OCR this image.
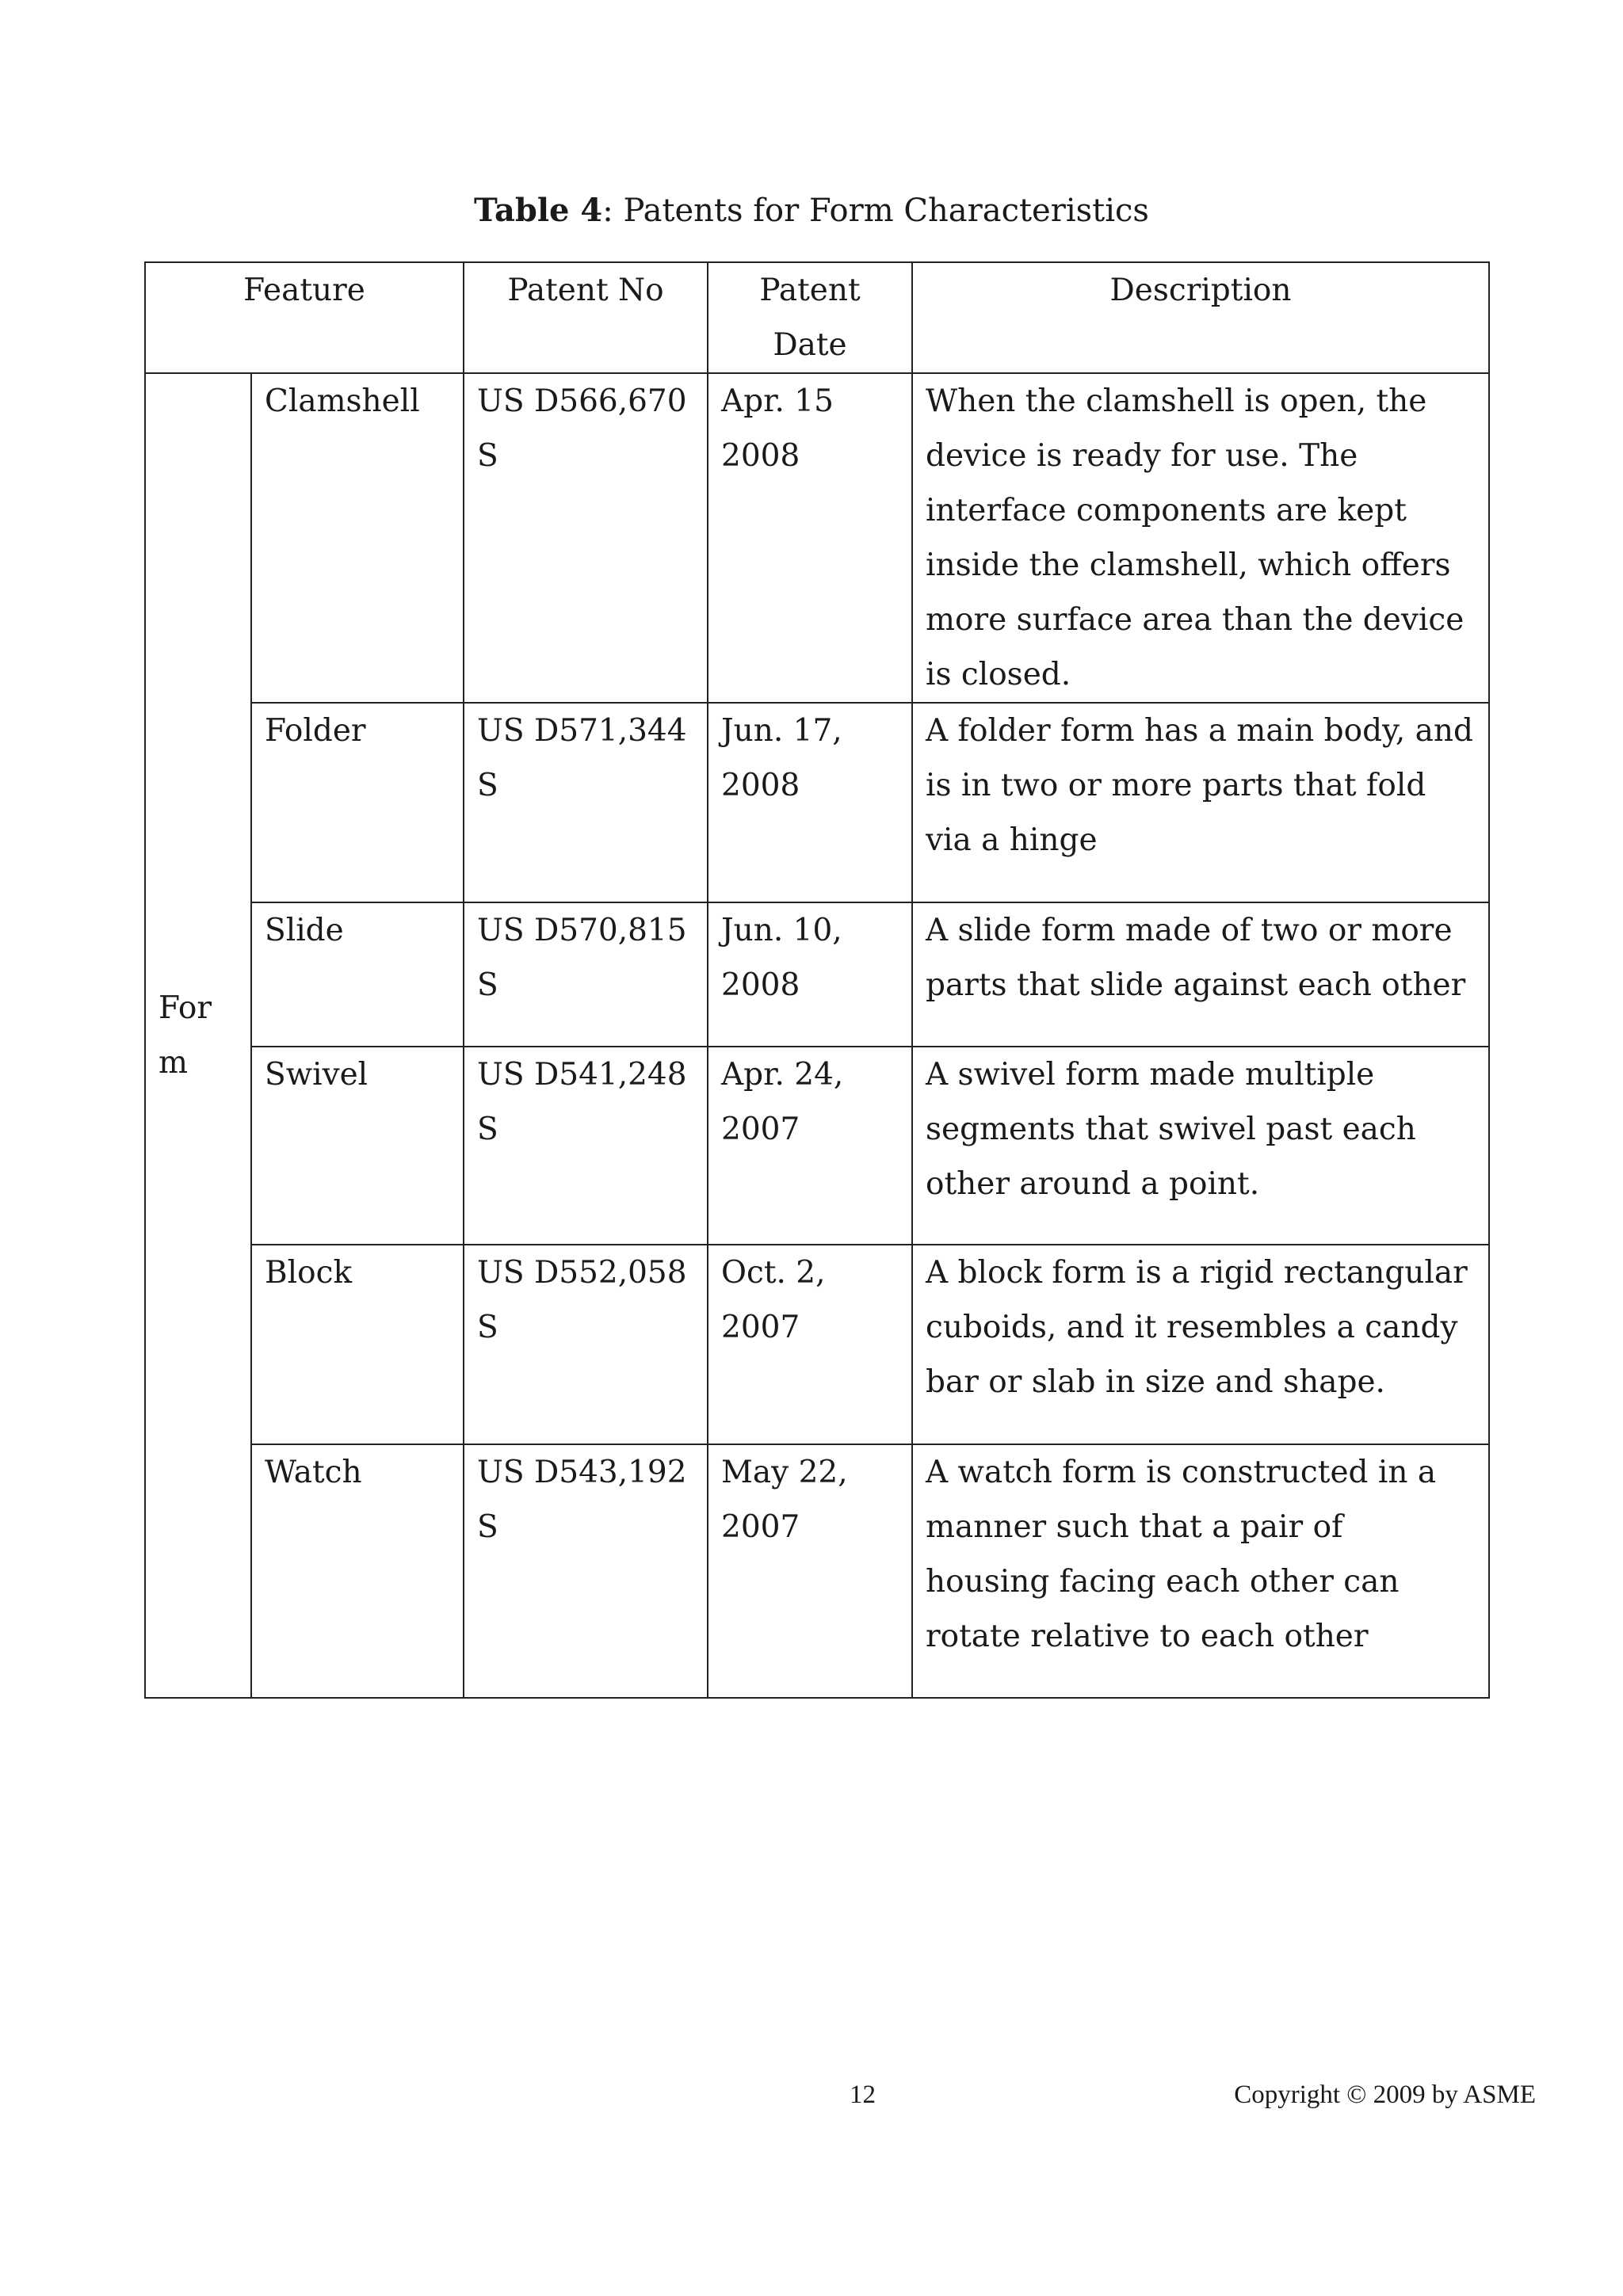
Table 4: Patents for Form Characteristics
Feature		Patent No	Patent Date	Description
Form	Clamshell	US D566,670 S	Apr. 15 2008	When the clamshell is open, the device is ready for use. The interface components are kept inside the clamshell, which offers more surface area than the device is closed.
	Folder	US D571,344 S	Jun. 17, 2008	A folder form has a main body, and is in two or more parts that fold via a hinge
	Slide	US D570,815 S	Jun. 10, 2008	A slide form made of two or more parts that slide against each other
	Swivel	US D541,248 S	Apr. 24, 2007	A swivel form made multiple segments that swivel past each other around a point.
	Block	US D552,058 S	Oct. 2, 2007	A block form is a rigid rectangular cuboids, and it resembles a candy bar or slab in size and shape.
	Watch	US D543,192 S	May 22, 2007	A watch form is constructed in a manner such that a pair of housing facing each other can rotate relative to each other
12	Copyright © 2009 by ASME
